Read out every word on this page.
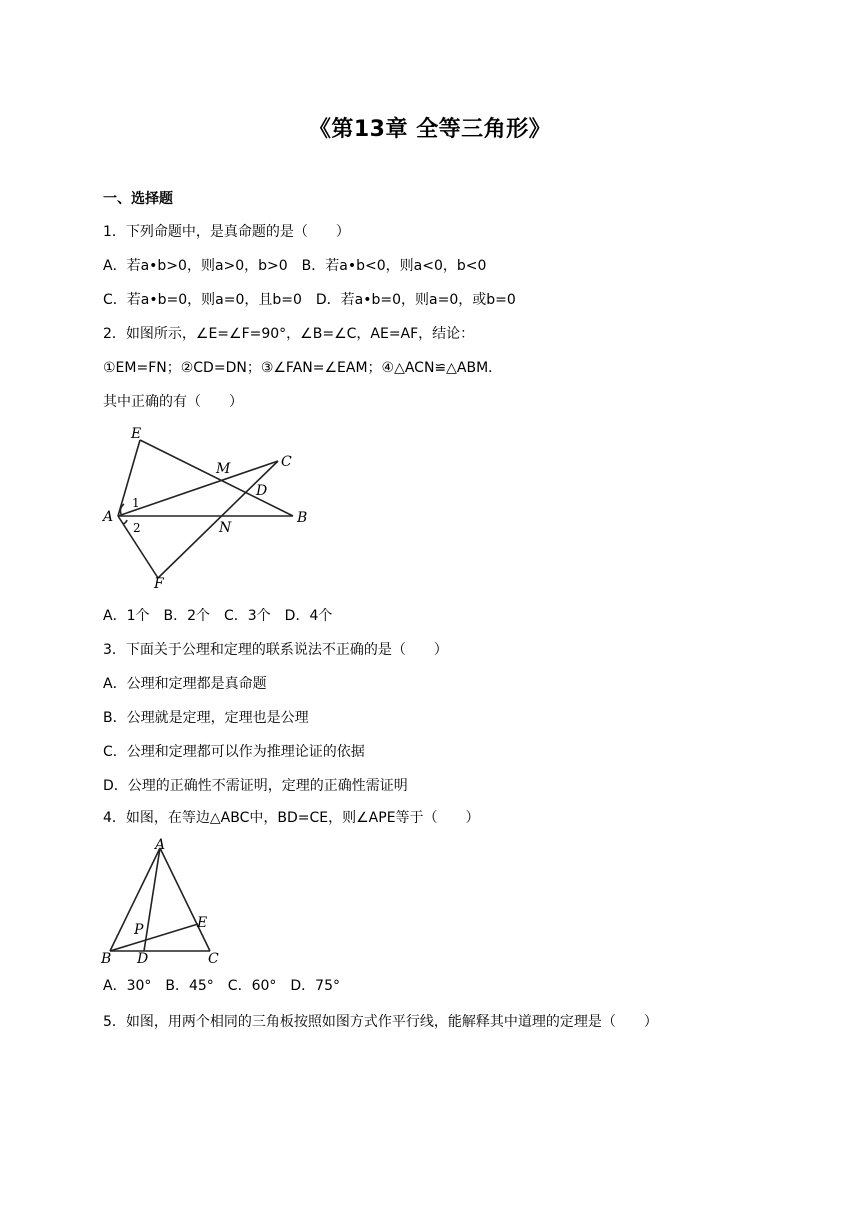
《第13章 全等三角形》
一、选择题
1．下列命题中，是真命题的是（　　）
A．若a•b>0，则a>0，b>0　B．若a•b<0，则a<0，b<0
C．若a•b=0，则a=0，且b=0　D．若a•b=0，则a=0，或b=0
2．如图所示，∠E=∠F=90°，∠B=∠C，AE=AF，结论：
①EM=FN；②CD=DN；③∠FAN=∠EAM；④△ACN≌△ABM．
其中正确的有（　　）
E
C
M
D
A
1
2
B
N
F
A．1个　B．2个　C．3个　D．4个
3．下面关于公理和定理的联系说法不正确的是（　　）
A．公理和定理都是真命题
B．公理就是定理，定理也是公理
C．公理和定理都可以作为推理论证的依据
D．公理的正确性不需证明，定理的正确性需证明
4．如图，在等边△ABC中，BD=CE，则∠APE等于（　　）
A
E
P
B D	C
A．30°　B．45°　C．60°　D．75°
5．如图，用两个相同的三角板按照如图方式作平行线，能解释其中道理的定理是（　　）
